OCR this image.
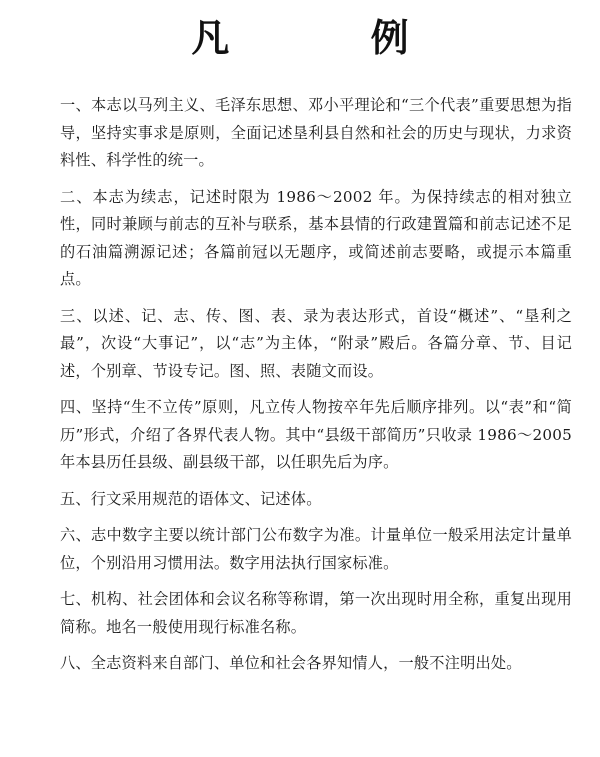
凡 例

一、本志以马列主义、毛泽东思想、邓小平理论和“三个代表”重要思想为指导，坚持实事求是原则，全面记述垦利县自然和社会的历史与现状，力求资料性、科学性的统一。

二、本志为续志，记述时限为 1986～2002 年。为保持续志的相对独立性，同时兼顾与前志的互补与联系，基本县情的行政建置篇和前志记述不足的石油篇溯源记述；各篇前冠以无题序，或简述前志要略，或提示本篇重点。

三、以述、记、志、传、图、表、录为表达形式，首设“概述”、“垦利之最”，次设“大事记”，以“志”为主体，“附录”殿后。各篇分章、节、目记述，个别章、节设专记。图、照、表随文而设。

四、坚持“生不立传”原则，凡立传人物按卒年先后顺序排列。以“表”和“简历”形式，介绍了各界代表人物。其中“县级干部简历”只收录 1986～2005 年本县历任县级、副县级干部，以任职先后为序。

五、行文采用规范的语体文、记述体。

六、志中数字主要以统计部门公布数字为准。计量单位一般采用法定计量单位，个别沿用习惯用法。数字用法执行国家标准。

七、机构、社会团体和会议名称等称谓，第一次出现时用全称，重复出现用简称。地名一般使用现行标准名称。

八、全志资料来自部门、单位和社会各界知情人，一般不注明出处。
